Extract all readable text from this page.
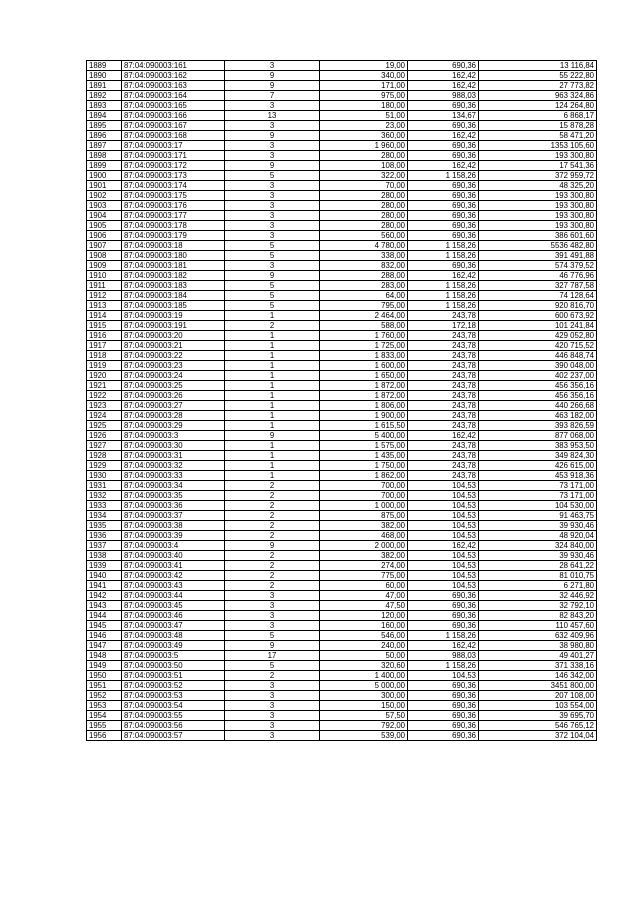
1889	87:04:090003:161	3	19,00	690,36	13 116,84
1890	87:04:090003:162	9	340,00	162,42	55 222,80
1891	87:04:090003:163	9	171,00	162,42	27 773,82
1892	87:04:090003:164	7	975,00	988,03	963 324,86
1893	87:04:090003:165	3	180,00	690,36	124 264,80
1894	87:04:090003:166	13	51,00	134,67	6 868,17
1895	87:04:090003:167	3	23,00	690,36	15 878,28
1896	87:04:090003:168	9	360,00	162,42	58 471,20
1897	87:04:090003:17	3	1 960,00	690,36	1353 105,60
1898	87:04:090003:171	3	280,00	690,36	193 300,80
1899	87:04:090003:172	9	108,00	162,42	17 541,36
1900	87:04:090003:173	5	322,00	1 158,26	372 959,72
1901	87:04:090003:174	3	70,00	690,36	48 325,20
1902	87:04:090003:175	3	280,00	690,36	193 300,80
1903	87:04:090003:176	3	280,00	690,36	193 300,80
1904	87:04:090003:177	3	280,00	690,36	193 300,80
1905	87:04:090003:178	3	280,00	690,36	193 300,80
1906	87:04:090003:179	3	560,00	690,36	386 601,60
1907	87:04:090003:18	5	4 780,00	1 158,26	5536 482,80
1908	87:04:090003:180	5	338,00	1 158,26	391 491,88
1909	87:04:090003:181	3	832,00	690,36	574 379,52
1910	87:04:090003:182	9	288,00	162,42	46 776,96
1911	87:04:090003:183	5	283,00	1 158,26	327 787,58
1912	87:04:090003:184	5	64,00	1 158,26	74 128,64
1913	87:04:090003:185	5	795,00	1 158,26	920 816,70
1914	87:04:090003:19	1	2 464,00	243,78	600 673,92
1915	87:04:090003:191	2	588,00	172,18	101 241,84
1916	87:04:090003:20	1	1 760,00	243,78	429 052,80
1917	87:04:090003:21	1	1 725,00	243,78	420 715,52
1918	87:04:090003:22	1	1 833,00	243,78	446 848,74
1919	87:04:090003:23	1	1 600,00	243,78	390 048,00
1920	87:04:090003:24	1	1 650,00	243,78	402 237,00
1921	87:04:090003:25	1	1 872,00	243,78	456 356,16
1922	87:04:090003:26	1	1 872,00	243,78	456 356,16
1923	87:04:090003:27	1	1 806,00	243,78	440 266,68
1924	87:04:090003:28	1	1 900,00	243,78	463 182,00
1925	87:04:090003:29	1	1 615,50	243,78	393 826,59
1926	87:04:090003:3	9	5 400,00	162,42	877 068,00
1927	87:04:090003:30	1	1 575,00	243,78	383 953,50
1928	87:04:090003:31	1	1 435,00	243,78	349 824,30
1929	87:04:090003:32	1	1 750,00	243,78	426 615,00
1930	87:04:090003:33	1	1 862,00	243,78	453 918,36
1931	87:04:090003:34	2	700,00	104,53	73 171,00
1932	87:04:090003:35	2	700,00	104,53	73 171,00
1933	87:04:090003:36	2	1 000,00	104,53	104 530,00
1934	87:04:090003:37	2	875,00	104,53	91 463,75
1935	87:04:090003:38	2	382,00	104,53	39 930,46
1936	87:04:090003:39	2	468,00	104,53	48 920,04
1937	87:04:090003:4	9	2 000,00	162,42	324 840,00
1938	87:04:090003:40	2	382,00	104,53	39 930,46
1939	87:04:090003:41	2	274,00	104,53	28 641,22
1940	87:04:090003:42	2	775,00	104,53	81 010,75
1941	87:04:090003:43	2	60,00	104,53	6 271,80
1942	87:04:090003:44	3	47,00	690,36	32 446,92
1943	87:04:090003:45	3	47,50	690,36	32 792,10
1944	87:04:090003:46	3	120,00	690,36	82 843,20
1945	87:04:090003:47	3	160,00	690,36	110 457,60
1946	87:04:090003:48	5	546,00	1 158,26	632 409,96
1947	87:04:090003:49	9	240,00	162,42	38 980,80
1948	87:04:090003:5	17	50,00	988,03	49 401,27
1949	87:04:090003:50	5	320,60	1 158,26	371 338,16
1950	87:04:090003:51	2	1 400,00	104,53	146 342,00
1951	87:04:090003:52	3	5 000,00	690,36	3451 800,00
1952	87:04:090003:53	3	300,00	690,36	207 108,00
1953	87:04:090003:54	3	150,00	690,36	103 554,00
1954	87:04:090003:55	3	57,50	690,36	39 695,70
1955	87:04:090003:56	3	792,00	690,36	546 765,12
1956	87:04:090003:57	3	539,00	690,36	372 104,04
